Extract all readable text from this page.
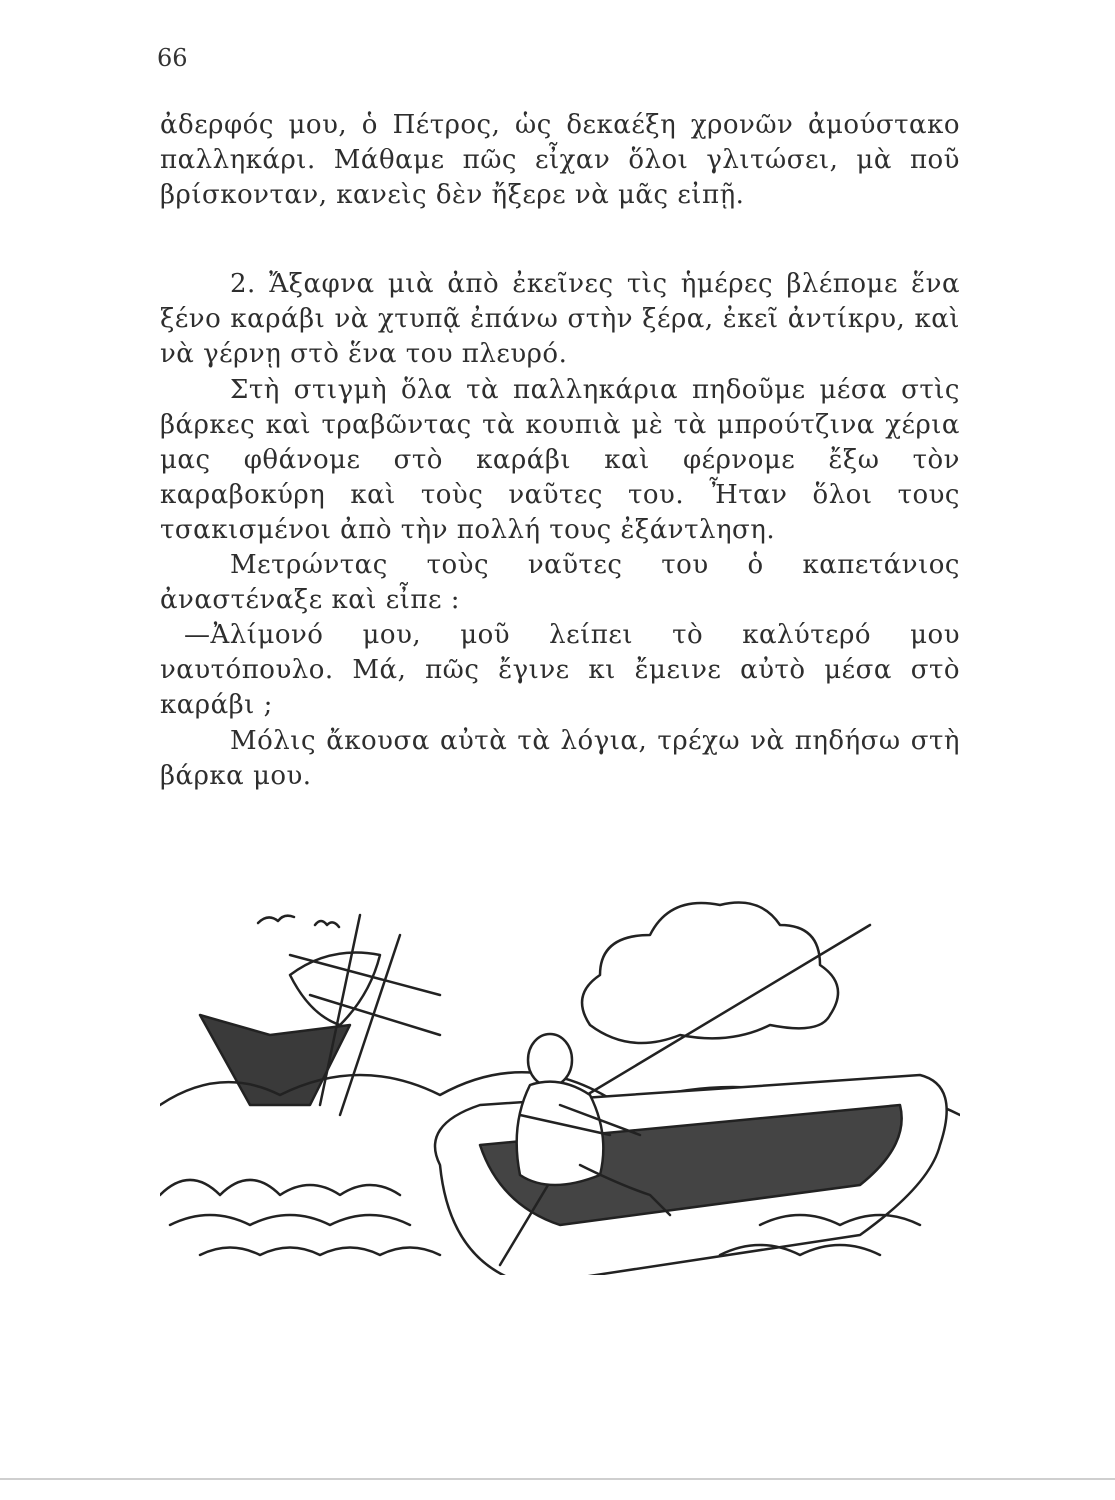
66

ἀδερφός μου, ὁ Πέτρος, ὡς δεκαέξη χρονῶν ἀμούστακο παλληκάρι. Μάθαμε πῶς εἶχαν ὅλοι γλιτώσει, μὰ ποῦ βρίσκονταν, κανεὶς δὲν ἤξερε νὰ μᾶς εἰπῇ.

2. Ἄξαφνα μιὰ ἀπὸ ἐκεῖνες τὶς ἡμέρες βλέπομε ἕνα ξένο καράβι νὰ χτυπᾷ ἐπάνω στὴν ξέρα, ἐκεῖ ἀντίκρυ, καὶ νὰ γέρνῃ στὸ ἕνα του πλευρό.

Στὴ στιγμὴ ὅλα τὰ παλληκάρια πηδοῦμε μέσα στὶς βάρκες καὶ τραβῶντας τὰ κουπιὰ μὲ τὰ μπρούτζινα χέρια μας φθάνομε στὸ καράβι καὶ φέρνομε ἔξω τὸν καραβοκύρη καὶ τοὺς ναῦτες του. Ἦταν ὅλοι τους τσακισμένοι ἀπὸ τὴν πολλή τους ἐξάντληση.

Μετρώντας τοὺς ναῦτες του ὁ καπετάνιος ἀναστέναξε καὶ εἶπε :

—Ἀλίμονό μου, μοῦ λείπει τὸ καλύτερό μου ναυτόπουλο. Μά, πῶς ἔγινε κι ἔμεινε αὐτὸ μέσα στὸ καράβι ;

Μόλις ἄκουσα αὐτὰ τὰ λόγια, τρέχω νὰ πηδήσω στὴ βάρκα μου.
